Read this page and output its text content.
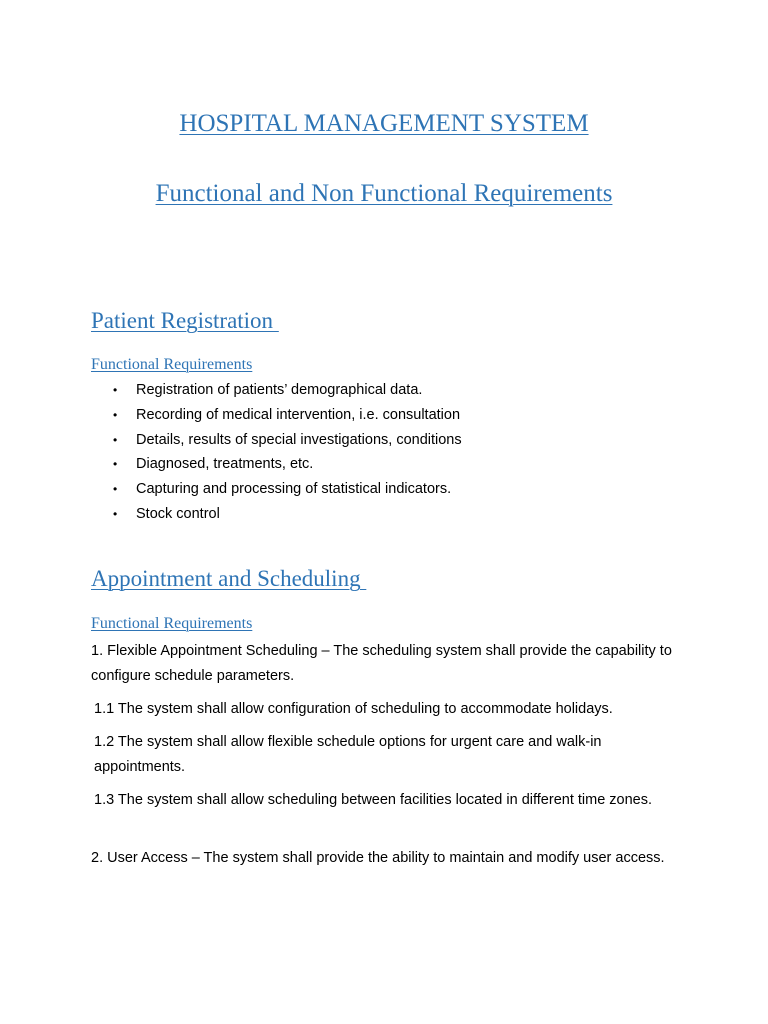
HOSPITAL MANAGEMENT SYSTEM
Functional and Non Functional Requirements
Patient Registration
Functional Requirements
• Registration of patients’ demographical data.
• Recording of medical intervention, i.e. consultation
• Details, results of special investigations, conditions
• Diagnosed, treatments, etc.
• Capturing and processing of statistical indicators.
• Stock control
Appointment and Scheduling
Functional Requirements

1. Flexible Appointment Scheduling – The scheduling system shall provide the capability to configure schedule parameters.

1.1 The system shall allow configuration of scheduling to accommodate holidays.

1.2 The system shall allow flexible schedule options for urgent care and walk-in appointments.

1.3 The system shall allow scheduling between facilities located in different time zones.

2. User Access – The system shall provide the ability to maintain and modify user access.
